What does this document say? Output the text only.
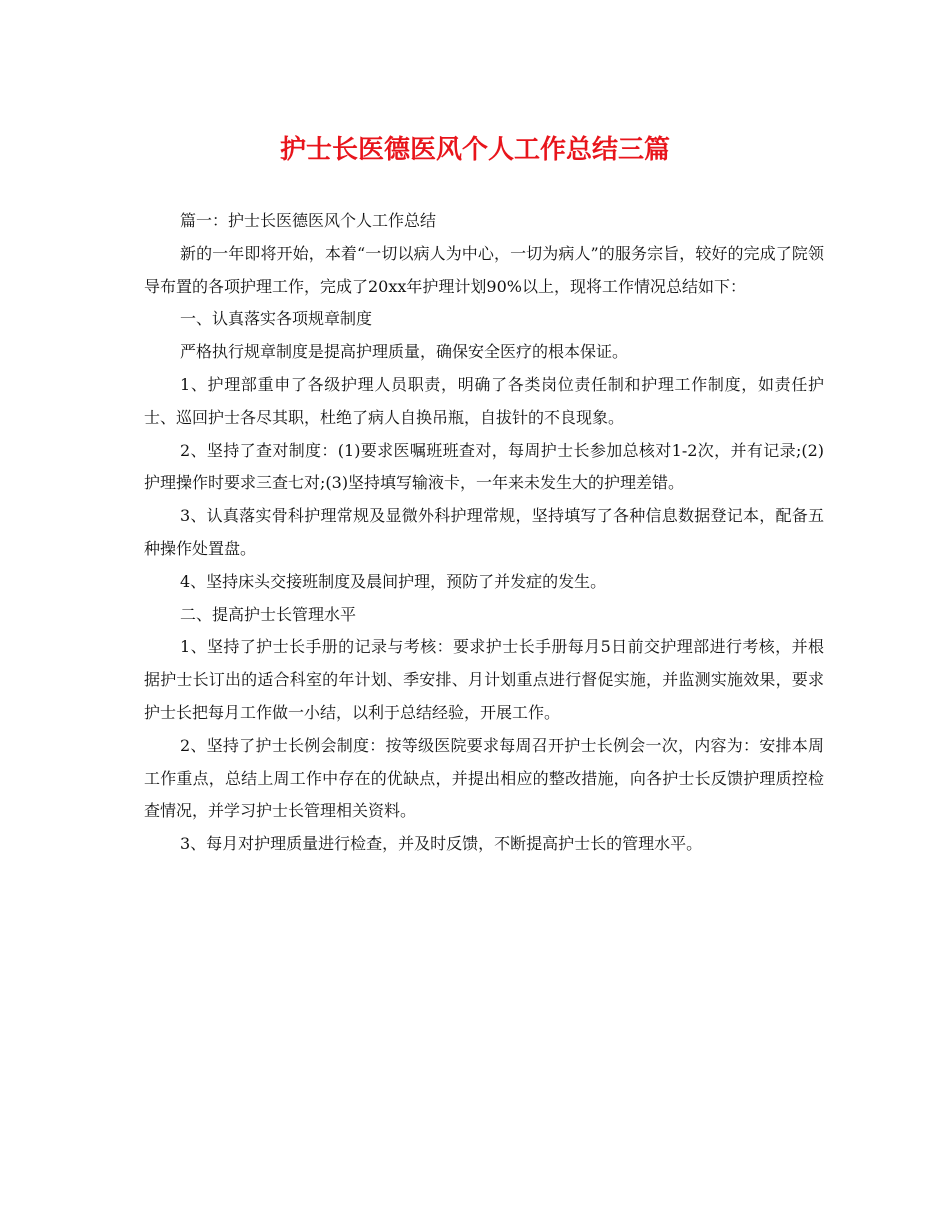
护士长医德医风个人工作总结三篇

篇一：护士长医德医风个人工作总结

新的一年即将开始，本着“一切以病人为中心，一切为病人”的服务宗旨，较好的完成了院领导布置的各项护理工作，完成了20xx年护理计划90%以上，现将工作情况总结如下：

一、认真落实各项规章制度

严格执行规章制度是提高护理质量，确保安全医疗的根本保证。

1、护理部重申了各级护理人员职责，明确了各类岗位责任制和护理工作制度，如责任护士、巡回护士各尽其职，杜绝了病人自换吊瓶，自拔针的不良现象。

2、坚持了查对制度：(1)要求医嘱班班查对，每周护士长参加总核对1-2次，并有记录;(2)护理操作时要求三查七对;(3)坚持填写输液卡，一年来未发生大的护理差错。

3、认真落实骨科护理常规及显微外科护理常规，坚持填写了各种信息数据登记本，配备五种操作处置盘。

4、坚持床头交接班制度及晨间护理，预防了并发症的发生。

二、提高护士长管理水平

1、坚持了护士长手册的记录与考核：要求护士长手册每月5日前交护理部进行考核，并根据护士长订出的适合科室的年计划、季安排、月计划重点进行督促实施，并监测实施效果，要求护士长把每月工作做一小结，以利于总结经验，开展工作。

2、坚持了护士长例会制度：按等级医院要求每周召开护士长例会一次，内容为：安排本周工作重点，总结上周工作中存在的优缺点，并提出相应的整改措施，向各护士长反馈护理质控检查情况，并学习护士长管理相关资料。

3、每月对护理质量进行检查，并及时反馈，不断提高护士长的管理水平。
